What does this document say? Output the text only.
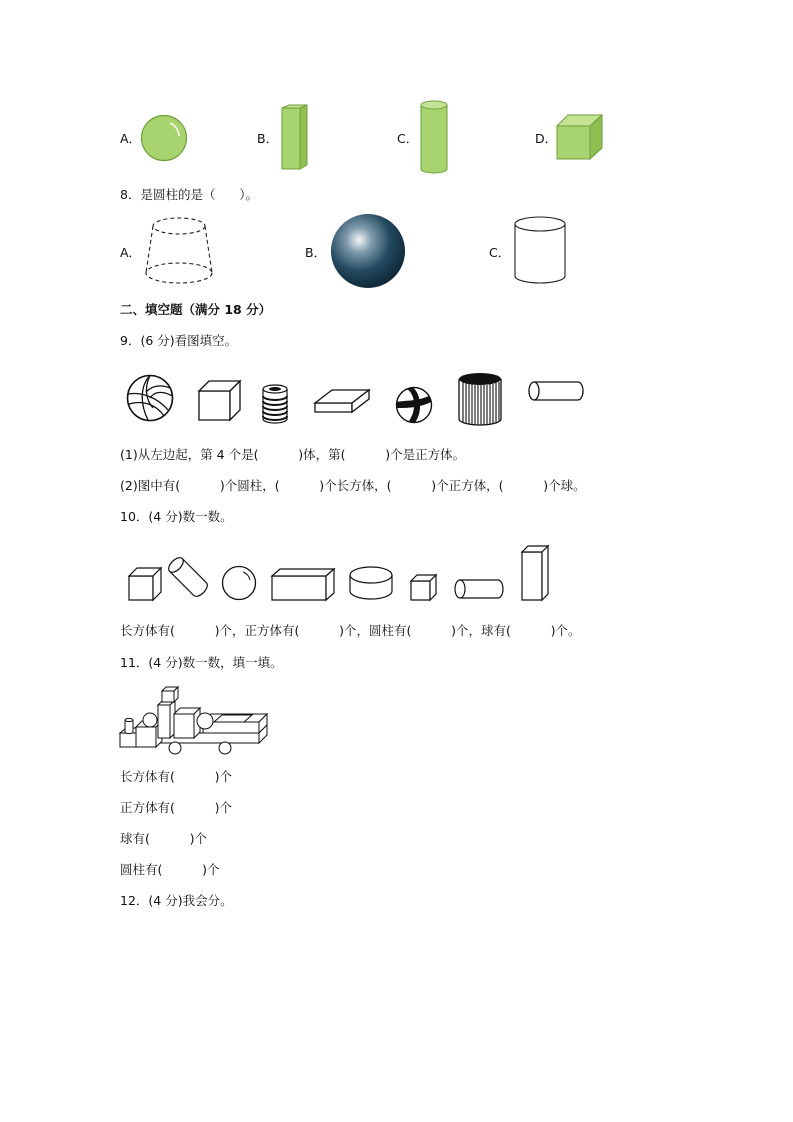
A．	B．	C．	D．
8．是圆柱的是（      ）。
A．	B．	C．
二、填空题（满分 18 分）
9．(6 分)看图填空。
(1)从左边起，第 4 个是(          )体，第(          )个是正方体。
(2)图中有(          )个圆柱，(          )个长方体，(          )个正方体，(          )个球。
10．(4 分)数一数。
长方体有(          )个，正方体有(          )个，圆柱有(          )个，球有(          )个。
11．(4 分)数一数，填一填。
长方体有(          )个
正方体有(          )个
球有(          )个
圆柱有(          )个
12．(4 分)我会分。
